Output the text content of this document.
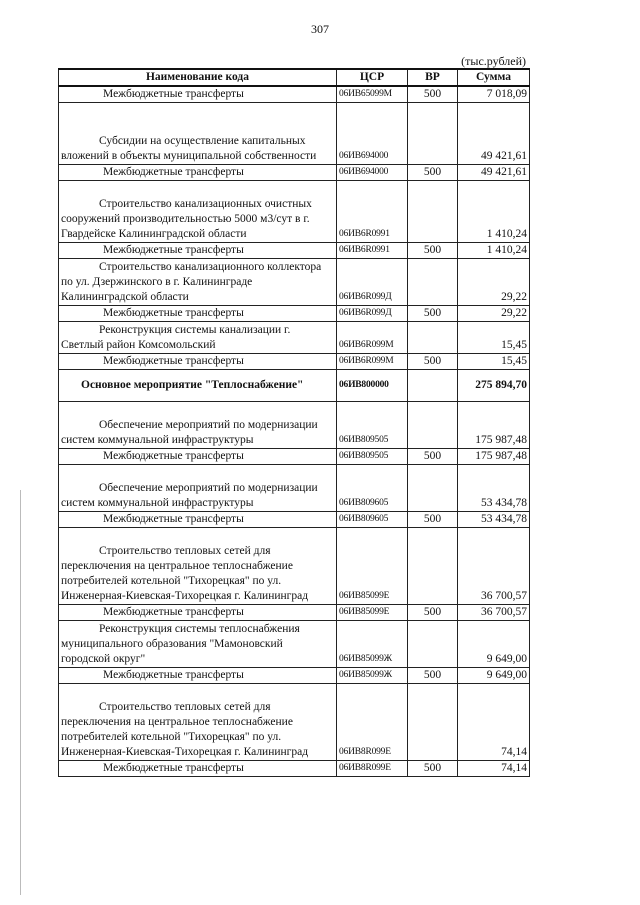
307
(тыс.рублей)
Наименование кода	ЦСР	ВР	Сумма
Межбюджетные трансферты	06ИВ65099М	500	7 018,09
Субсидии на осуществление капитальных вложений в объекты муниципальной собственности	06ИВ694000		49 421,61
Межбюджетные трансферты	06ИВ694000	500	49 421,61
Строительство канализационных очистных сооружений производительностью 5000 м3/сут в г. Гвардейске Калининградской области	06ИВ6R0991		1 410,24
Межбюджетные трансферты	06ИВ6R0991	500	1 410,24
Строительство канализационного коллектора по ул. Дзержинского в г. Калининграде Калининградской области	06ИВ6R099Д		29,22
Межбюджетные трансферты	06ИВ6R099Д	500	29,22
Реконструкция системы канализации г. Светлый район Комсомольский	06ИВ6R099М		15,45
Межбюджетные трансферты	06ИВ6R099М	500	15,45
Основное мероприятие "Теплоснабжение"	06ИВ800000		275 894,70
Обеспечение мероприятий по модернизации систем коммунальной инфраструктуры	06ИВ809505		175 987,48
Межбюджетные трансферты	06ИВ809505	500	175 987,48
Обеспечение мероприятий по модернизации систем коммунальной инфраструктуры	06ИВ809605		53 434,78
Межбюджетные трансферты	06ИВ809605	500	53 434,78
Строительство тепловых сетей для переключения на центральное теплоснабжение потребителей котельной "Тихорецкая" по ул. Инженерная-Киевская-Тихорецкая г. Калининград	06ИВ85099Е		36 700,57
Межбюджетные трансферты	06ИВ85099Е	500	36 700,57
Реконструкция системы теплоснабжения муниципального образования "Мамоновский городской округ"	06ИВ85099Ж		9 649,00
Межбюджетные трансферты	06ИВ85099Ж	500	9 649,00
Строительство тепловых сетей для переключения на центральное теплоснабжение потребителей котельной "Тихорецкая" по ул. Инженерная-Киевская-Тихорецкая г. Калининград	06ИВ8R099Е		74,14
Межбюджетные трансферты	06ИВ8R099Е	500	74,14
